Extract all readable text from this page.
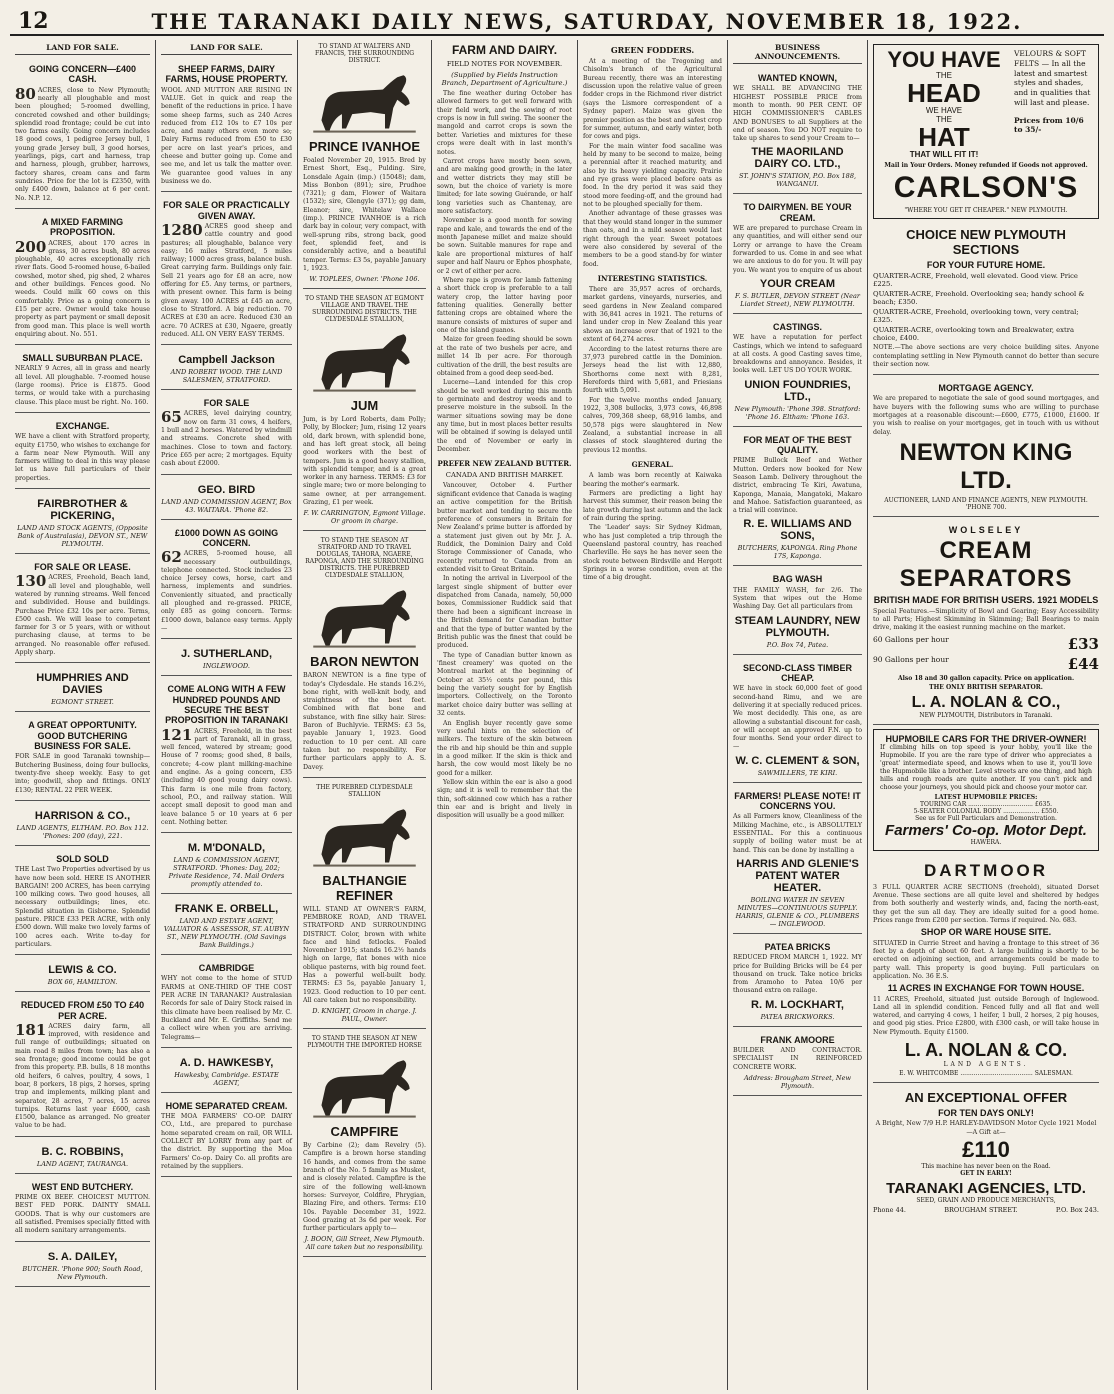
12	THE TARANAKI DAILY NEWS, SATURDAY, NOVEMBER 18, 1922.
LAND FOR SALE.
GOING CONCERN—£400 CASH.

80 ACRES, close to New Plymouth; nearly all ploughable and most been ploughed; 5-roomed dwelling, concreted cowshed and other buildings; splendid road frontage; could be cut into two farms easily. Going concern includes 18 good cows, 1 pedigree Jersey bull, 1 young grade Jersey bull, 3 good horses, yearlings, pigs, cart and harness, trap and harness, plough, grubber, harrows, factory shares, cream cans and farm sundries. Price for the lot is £2350, with only £400 down, balance at 6 per cent. No. N.P. 12.

A MIXED FARMING PROPOSITION.

200 ACRES, about 170 acres in grass, 30 acres bush, 80 acres ploughable, 40 acres exceptionally rich river flats. Good 5-roomed house, 6-bailed cowshed, motor shed, pig shed, 2 whares and other buildings. Fences good. No weeds. Could milk 60 cows on this comfortably. Price as a going concern is £15 per acre. Owner would take house property as part payment or small deposit from good man. This place is well worth enquiring about. No. 551.

SMALL SUBURBAN PLACE.

NEARLY 9 Acres, all in grass and nearly all level. All ploughable. 7-roomed house (large rooms). Price is £1875. Good terms, or would take with a purchasing clause. This place must be right. No. 160.

EXCHANGE.

WE have a client with Stratford property, equity £1750, who wishes to exchange for a farm near New Plymouth. Will any farmers willing to deal in this way please let us have full particulars of their properties.

FAIRBROTHER & PICKERING,
LAND AND STOCK AGENTS, (Opposite Bank of Australasia), DEVON ST., NEW PLYMOUTH.
FOR SALE OR LEASE.

130 ACRES, Freehold, Beach land, all level and ploughable, well watered by running streams. Well fenced and subdivided. House and buildings. Purchase Price £32 10s per acre. Terms, £500 cash. We will lease to competent farmer for 3 or 5 years, with or without purchasing clause, at terms to be arranged. No reasonable offer refused. Apply sharp.

HUMPHRIES AND DAVIES
EGMONT STREET.
A GREAT OPPORTUNITY. GOOD BUTCHERING BUSINESS FOR SALE.

FOR SALE in good Taranaki township—Butchering Business, doing four bullocks, twenty-five sheep weekly. Easy to get into; goodwill, shop and fittings. ONLY £130; RENTAL 22 PER WEEK.

HARRISON & CO.,
LAND AGENTS, ELTHAM. P.O. Box 112. 'Phones: 200 (day), 221.
SOLD SOLD

THE Last Two Properties advertised by us have now been sold. HERE IS ANOTHER BARGAIN! 200 ACRES, has been carrying 100 milking cows. Two good houses, all necessary outbuildings; lines, etc. Splendid situation in Gisborne. Splendid pasture. PRICE £33 PER ACRE, with only £500 down. Will make two lovely farms of 100 acres each. Write to-day for particulars.

LEWIS & CO.
BOX 66, HAMILTON.
REDUCED FROM £50 TO £40 PER ACRE.

181 ACRES dairy farm, all improved, with residence and full range of outbuildings; situated on main road 8 miles from town; has also a sea frontage; good income could be got from this property. P.B. bulls, 8 18 months old heifers, 6 calves, poultry, 4 sows, 1 boar, 8 porkers, 18 pigs, 2 horses, spring trap and implements, milking plant and separator, 28 acres, 7 acres, 15 acres turnips. Returns last year £600, cash £1500, balance as arranged. No greater value to be had.

B. C. ROBBINS,
LAND AGENT, TAURANGA.
WEST END BUTCHERY.

PRIME OX BEEF. CHOICEST MUTTON. BEST FED PORK. DAINTY SMALL GOODS. That is why our customers are all satisfied. Premises specially fitted with all modern sanitary arrangements.

S. A. DAILEY,
BUTCHER. 'Phone 900; South Road, New Plymouth.
LAND FOR SALE.
SHEEP FARMS, DAIRY FARMS, HOUSE PROPERTY.

WOOL AND MUTTON ARE RISING IN VALUE. Get in quick and reap the benefit of the reductions in price. I have some sheep farms, such as 240 Acres reduced from £12 10s to £7 10s per acre, and many others even more so; Dairy Farms reduced from £50 to £30 per acre on last year's prices, and cheese and butter going up. Come and see me, and let us talk the matter over. We guarantee good values in any business we do.

FOR SALE OR PRACTICALLY GIVEN AWAY.

1280 ACRES good sheep and cattle country and good pastures; all ploughable, balance very easy; 16 miles Stratford, 5 miles railway; 1000 acres grass, balance bush. Great carrying farm. Buildings only fair. Sell 21 years ago for £8 an acre, now offering for £5. Any terms, or partners, with present owner. This farm is being given away. 100 ACRES at £45 an acre, close to Stratford. A big reduction. 70 ACRES at £30 an acre. Reduced £30 an acre. 70 ACRES at £30, Ngaere, greatly reduced. ALL ON VERY EASY TERMS.

Campbell Jackson
AND ROBERT WOOD. THE LAND SALESMEN, STRATFORD.
FOR SALE

65 ACRES, level dairying country, now on farm 31 cows, 4 heifers, 1 bull and 2 horses. Watered by windmill and streams. Concrete shed with machines. Close to town and factory. Price £65 per acre; 2 mortgages. Equity cash about £2000.

GEO. BIRD
LAND AND COMMISSION AGENT, Box 43. WAITARA. 'Phone 82.
£1000 DOWN AS GOING CONCERN.

62 ACRES, 5-roomed house, all necessary outbuildings, telephone connected. Stock includes 23 choice Jersey cows, horse, cart and harness, implements and sundries. Conveniently situated, and practically all ploughed and re-grassed. PRICE, only £85 as going concern. Terms: £1000 down, balance easy terms. Apply—

J. SUTHERLAND,
INGLEWOOD.
COME ALONG WITH A FEW HUNDRED POUNDS AND SECURE THE BEST PROPOSITION IN TARANAKI

121 ACRES, Freehold, in the best part of Taranaki, all in grass, well fenced, watered by stream; good House of 7 rooms; good shed, 8 bails, concrete; 4-cow plant milking-machine and engine. As a going concern, £35 (including 40 good young dairy cows). This farm is one mile from factory, school, P.O., and railway station. Will accept small deposit to good man and leave balance 5 or 10 years at 6 per cent. Nothing better.

M. M'DONALD,
LAND & COMMISSION AGENT, STRATFORD. 'Phones: Day, 202; Private Residence, 74. Mail Orders promptly attended to.
FRANK E. ORBELL,
LAND AND ESTATE AGENT, VALUATOR & ASSESSOR, ST. AUBYN ST., NEW PLYMOUTH. (Old Savings Bank Buildings.)
CAMBRIDGE

WHY not come to the home of STUD FARMS at ONE-THIRD OF THE COST PER ACRE IN TARANAKI? Australasian Records for sale of Dairy Stock raised in this climate have been realised by Mr. C. Buckland and Mr. E. Griffiths. Send me a collect wire when you are arriving. Telegrams—

A. D. HAWKESBY,
Hawkesby, Cambridge. ESTATE AGENT,
HOME SEPARATED CREAM.

THE MOA FARMERS' CO-OP. DAIRY CO., Ltd., are prepared to purchase home separated cream on rail, OR WILL COLLECT BY LORRY from any part of the district. By supporting the Moa Farmers' Co-op. Dairy Co. all profits are retained by the suppliers.

TO STAND AT WALTERS AND FRANCIS, THE SURROUNDING DISTRICT.
PRINCE IVANHOE

Foaled November 20, 1915. Bred by Ernest Short, Esq., Pulding. Sire, Lonsdale Again (imp.) (15048); dam, Miss Bonbon (891); sire, Prudhoe (7321); g dam, Flower of Waitara (1532); sire, Glengyle (371); gg dam, Eleanor; sire, Whitelaw Wallace (imp.). PRINCE IVANHOE is a rich dark bay in colour, very compact, with well-sprung ribs, strong back, good feet, splendid feet, and is considerably active, and a beautiful temper. Terms: £3 5s, payable January 1, 1923.

W. TOPLEES, Owner. 'Phone 106.
TO STAND THE SEASON AT EGMONT VILLAGE AND TRAVEL THE SURROUNDING DISTRICTS. THE CLYDESDALE STALLION,
JUM

Jum, is by Lord Roberts, dam Polly; Polly, by Blocker; Jum, rising 12 years old, dark brown, with splendid bone, and has left great stock, all being good workers with the best of tempers. Jum is a good heavy stallion, with splendid temper, and is a great worker in any harness. TERMS: £3 for single mare; two or more belonging to same owner, at per arrangement. Grazing, £1 per week.

F. W. CARRINGTON, Egmont Village. Or groom in charge.
TO STAND THE SEASON AT STRATFORD AND TO TRAVEL DOUGLAS, TAHORA, NGAERE, RAPONGA, AND THE SURROUNDING DISTRICTS. THE PUREBRED CLYDESDALE STALLION,
BARON NEWTON

BARON NEWTON is a fine type of today's Clydesdale. He stands 16.2½, bone right, with well-knit body, and straightness of the best feet. Combined with flat bone and substance, with fine silky hair. Sires: Baron of Buchlyvie. TERMS: £3 5s, payable January 1, 1923. Good reduction to 10 per cent. All care taken but no responsibility. For further particulars apply to A. S. Davey.

THE PUREBRED CLYDESDALE STALLION
BALTHANGIE REFINER

WILL STAND AT OWNER'S FARM, PEMBROKE ROAD, AND TRAVEL STRATFORD AND SURROUNDING DISTRICT. Color, brown with white face and hind fetlocks. Foaled November 1915; stands 16.2½ hands high on large, flat bones with nice oblique pasterns, with big round feet. Has a powerful well-built body. TERMS: £3 5s, payable January 1, 1923. Good reduction to 10 per cent. All care taken but no responsibility.

D. KNIGHT, Groom in charge. J. PAUL, Owner.
TO STAND THE SEASON AT NEW PLYMOUTH THE IMPORTED HORSE
CAMPFIRE

By Carbine (2); dam Revelry (5). Campfire is a brown horse standing 16 hands, and comes from the same branch of the No. 5 family as Musket, and is closely related. Campfire is the sire of the following well-known horses: Surveyor, Coldfire, Phrygian, Blazing Fire, and others. Terms: £10 10s. Payable December 31, 1922. Good grazing at 3s 6d per week. For further particulars apply to—

J. BOON, Gill Street, New Plymouth. All care taken but no responsibility.
FARM AND DAIRY.
FIELD NOTES FOR NOVEMBER.
(Supplied by Fields Instruction Branch, Department of Agriculture.)

The fine weather during October has allowed farmers to get well forward with their field work, and the sowing of root crops is now in full swing. The sooner the mangold and carrot crops is sown the better. Varieties and mixtures for these crops were dealt with in last month's notes.

Carrot crops have mostly been sown, and are making good growth; in the later and wetter districts they may still be sown, but the choice of variety is more limited; for late sowing Guérande, or half long varieties such as Chantenay, are more satisfactory.

November is a good month for sowing rape and kale, and towards the end of the month Japanese millet and maize should be sown. Suitable manures for rape and kale are proportional mixtures of half super and half Nauru or Ephos phosphate, or 2 cwt of either per acre.

Where rape is grown for lamb fattening a short thick crop is preferable to a tall watery crop, the latter having poor fattening qualities. Generally better fattening crops are obtained where the manure consists of mixtures of super and one of the island guanos.

Maize for green feeding should be sown at the rate of two bushels per acre, and millet 14 lb per acre. For thorough cultivation of the drill, the best results are obtained from a good deep seed-bed.

Lucerne—Land intended for this crop should be well worked during this month to germinate and destroy weeds and to preserve moisture in the subsoil. In the warmer situations sowing may be done any time, but in most places better results will be obtained if sowing is delayed until the end of November or early in December.

PREFER NEW ZEALAND BUTTER.
CANADA AND BRITISH MARKET.

Vancouver, October 4. Further significant evidence that Canada is waging an active competition for the British butter market and tending to secure the preference of consumers in Britain for New Zealand's prime butter is afforded by a statement just given out by Mr. J. A. Ruddick, the Dominion Dairy and Cold Storage Commissioner of Canada, who recently returned to Canada from an extended visit to Great Britain.

In noting the arrival in Liverpool of the largest single shipment of butter ever dispatched from Canada, namely, 50,000 boxes, Commissioner Ruddick said that there had been a significant increase in the British demand for Canadian butter and that the type of butter wanted by the British public was the finest that could be produced.

The type of Canadian butter known as 'finest creamery' was quoted on the Montreal market at the beginning of October at 35½ cents per pound, this being the variety sought for by English importers. Collectively, on the Toronto market choice dairy butter was selling at 32 cents.

An English buyer recently gave some very useful hints on the selection of milkers. The texture of the skin between the rib and hip should be thin and supple in a good milker. If the skin is thick and harsh, the cow would most likely be no good for a milker.

Yellow skin within the ear is also a good sign; and it is well to remember that the thin, soft-skinned cow which has a rather thin ear and is bright and lively in disposition will usually be a good milker.

GREEN FODDERS.

At a meeting of the Tregoning and Chisolm's branch of the Agricultural Bureau recently, there was an interesting discussion upon the relative value of green fodder crops in the Richmond river district (says the Lismore correspondent of a Sydney paper). Maize was given the premier position as the best and safest crop for summer, autumn, and early winter, both for cows and pigs.

For the main winter food sacaline was held by many to be second to maize, being a perennial after it reached maturity, and also by its heavy yielding capacity. Prairie and rye grass were placed before oats as food. In the dry period it was said they stood more feeding-off, and the ground had not to be ploughed specially for them.

Another advantage of these grasses was that they would stand longer in the summer than oats, and in a mild season would last right through the year. Sweet potatoes were also considered by several of the members to be a good stand-by for winter food.

INTERESTING STATISTICS.

There are 35,957 acres of orchards, market gardens, vineyards, nurseries, and seed gardens in New Zealand compared with 36,841 acres in 1921. The returns of land under crop in New Zealand this year shows an increase over that of 1921 to the extent of 64,274 acres.

According to the latest returns there are 37,973 purebred cattle in the Dominion. Jerseys head the list with 12,880, Shorthorns come next with 8,281, Herefords third with 5,681, and Friesians fourth with 5,091.

For the twelve months ended January, 1922, 3,308 bullocks, 3,973 cows, 46,898 calves, 709,368 sheep, 68,916 lambs, and 50,578 pigs were slaughtered in New Zealand, a substantial increase in all classes of stock slaughtered during the previous 12 months.

GENERAL.

A lamb was born recently at Kaiwaka bearing the mother's earmark.

Farmers are predicting a light hay harvest this summer, their reason being the late growth during last autumn and the lack of rain during the spring.

The 'Leader' says: Sir Sydney Kidman, who has just completed a trip through the Queensland pastoral country, has reached Charleville. He says he has never seen the stock route between Birdsville and Hergott Springs in a worse condition, even at the time of a big drought.

BUSINESS ANNOUNCEMENTS.
WANTED KNOWN,

WE SHALL BE ADVANCING THE HIGHEST POSSIBLE PRICE from month to month. 90 PER CENT. OF HIGH COMMISSIONER'S CABLES AND BONUSES to all Suppliers at the end of season. You DO NOT require to take up shares to send your Cream to—

THE MAORILAND DAIRY CO. LTD.,
ST. JOHN'S STATION, P.O. Box 188, WANGANUI.
TO DAIRYMEN. BE YOUR CREAM.

WE are prepared to purchase Cream in any quantities, and will either send our Lorry or arrange to have the Cream forwarded to us. Come in and see what we are anxious to do for you. It will pay you. We want you to enquire of us about

YOUR CREAM
F. S. BUTLER, DEVON STREET (Near Liardet Street), NEW PLYMOUTH.
CASTINGS.

WE have a reputation for perfect Castings, which we intend to safeguard at all costs. A good Casting saves time, breakdowns and annoyance. Besides, it looks well. LET US DO YOUR WORK.

UNION FOUNDRIES, LTD.,
New Plymouth: 'Phone 398. Stratford: 'Phone 16. Eltham: 'Phone 163.
FOR MEAT OF THE BEST QUALITY.

PRIME Bullock Beef and Wether Mutton. Orders now booked for New Season Lamb. Delivery throughout the district, embracing Te Kiri, Awatuna, Kaponga, Manaia, Mangatoki, Makaro and Mahoe. Satisfaction guaranteed, as a trial will convince.

R. E. WILLIAMS AND SONS,
BUTCHERS, KAPONGA. Ring Phone 17S, Kaponga.
BAG WASH

THE FAMILY WASH, for 2/6. The System that wipes out the Home Washing Day. Get all particulars from

STEAM LAUNDRY, NEW PLYMOUTH.
P.O. Box 74, Patea.
SECOND-CLASS TIMBER CHEAP.

WE have in stock 60,000 feet of good second-hand Rimu, and we are delivering it at specially reduced prices. We most decidedly. This one, as are allowing a substantial discount for cash, or will accept an approved F.N. up to four months. Send your order direct to—

W. C. CLEMENT & SON,
SAWMILLERS, TE KIRI.
FARMERS! PLEASE NOTE! IT CONCERNS YOU.

As all Farmers know, Cleanliness of the Milking Machine, etc., is ABSOLUTELY ESSENTIAL. For this a continuous supply of boiling water must be at hand. This can be done by installing a

HARRIS AND GLENIE'S PATENT WATER HEATER.
BOILING WATER IN SEVEN MINUTES—CONTINUOUS SUPPLY. HARRIS, GLENIE & CO., PLUMBERS — INGLEWOOD.
PATEA BRICKS

REDUCED FROM MARCH 1, 1922. MY price for Building Bricks will be £4 per thousand on truck. Take notice bricks from Aramoho to Patea 10/6 per thousand extra on railage.

R. M. LOCKHART,
PATEA BRICKWORKS.
FRANK AMOORE

BUILDER AND CONTRACTOR. SPECIALIST IN REINFORCED CONCRETE WORK.

Address: Brougham Street, New Plymouth.
YOU HAVE
THE
HEAD
WE HAVE
THE
HAT
THAT WILL FIT IT!
VELOURS & SOFT FELTS — In all the latest and smartest styles and shades, and in qualities that will last and please.
Prices from 10/6 to 35/-
Mail in Your Orders. Money refunded if Goods not approved.
CARLSON'S
"WHERE YOU GET IT CHEAPER." NEW PLYMOUTH.
CHOICE NEW PLYMOUTH SECTIONS
FOR YOUR FUTURE HOME.
QUARTER-ACRE, Freehold, well elevated. Good view. Price £225.
QUARTER-ACRE, Freehold. Overlooking sea; handy school & beach; £350.
QUARTER-ACRE, Freehold, overlooking town, very central; £325.
QUARTER-ACRE, overlooking town and Breakwater, extra choice, £400.

NOTE.—The above sections are very choice building sites. Anyone contemplating settling in New Plymouth cannot do better than secure their section now.

MORTGAGE AGENCY.

We are prepared to negotiate the sale of good sound mortgages, and have buyers with the following sums who are willing to purchase mortgages at a reasonable discount:—£600, £775, £1000, £1600. If you wish to realise on your mortgages, get in touch with us without delay.

NEWTON KING LTD.
AUCTIONEER, LAND AND FINANCE AGENTS, NEW PLYMOUTH. 'PHONE 700.
WOLSELEY
CREAM SEPARATORS
BRITISH MADE FOR BRITISH USERS. 1921 MODELS

Special Features.—Simplicity of Bowl and Gearing; Easy Accessibility to all Parts; Highest Skimming in Skimming; Ball Bearings to main drive, making it the easiest running machine on the market.

60 Gallons per hour	£33
90 Gallons per hour	£44
Also 18 and 30 gallon capacity. Price on application.
THE ONLY BRITISH SEPARATOR.
L. A. NOLAN & CO.,
NEW PLYMOUTH, Distributors in Taranaki.
HUPMOBILE CARS FOR THE DRIVER-OWNER!

If climbing hills on top speed is your hobby, you'll like the Hupmobile. If you are the rare type of driver who appreciates a 'great' intermediate speed, and knows when to use it, you'll love the Hupmobile like a brother. Level streets are one thing, and high hills and rough roads are quite another. If you can't pick and choose your journeys, you should pick and choose your motor car.

LATEST HUPMOBILE PRICES:
TOURING CAR .................................. £635.
5-SEATER COLONIAL BODY ................... £550.
See us for Full Particulars and Demonstration.
Farmers' Co-op. Motor Dept.
HAWERA.
DARTMOOR

3 FULL QUARTER ACRE SECTIONS (freehold), situated Dorset Avenue. These sections are all quite level and sheltered by hedges from both southerly and westerly winds, and, facing the north-east, they get the sun all day. They are ideally suited for a good home. Prices range from £200 per section. Terms if required. No. 683.

SHOP OR WARE HOUSE SITE.

SITUATED in Currie Street and having a frontage to this street of 36 feet by a depth of about 60 feet. A large building is shortly to be erected on adjoining section, and arrangements could be made to party wall. This property is good buying. Full particulars on application. No. 36 E.S.

11 ACRES IN EXCHANGE FOR TOWN HOUSE.

11 ACRES, Freehold, situated just outside Borough of Inglewood. Land all in splendid condition. Fenced fully and all flat and well watered, and carrying 4 cows, 1 heifer, 1 bull, 2 horses, 2 pig houses, and good pig sties. Price £2800, with £300 cash, or will take house in New Plymouth. Equity £1500.

L. A. NOLAN & CO.
LAND AGENTS.
E. W. WHITCOMBE ...................................... SALESMAN.
AN EXCEPTIONAL OFFER
FOR TEN DAYS ONLY!

A Bright, New 7/9 H.P. HARLEY-DAVIDSON Motor Cycle 1921 Model—A Gift at—

£110
This machine has never been on the Road.
GET IN EARLY!
TARANAKI AGENCIES, LTD.
SEED, GRAIN AND PRODUCE MERCHANTS,
Phone 44.	BROUGHAM STREET.	P.O. Box 243.
